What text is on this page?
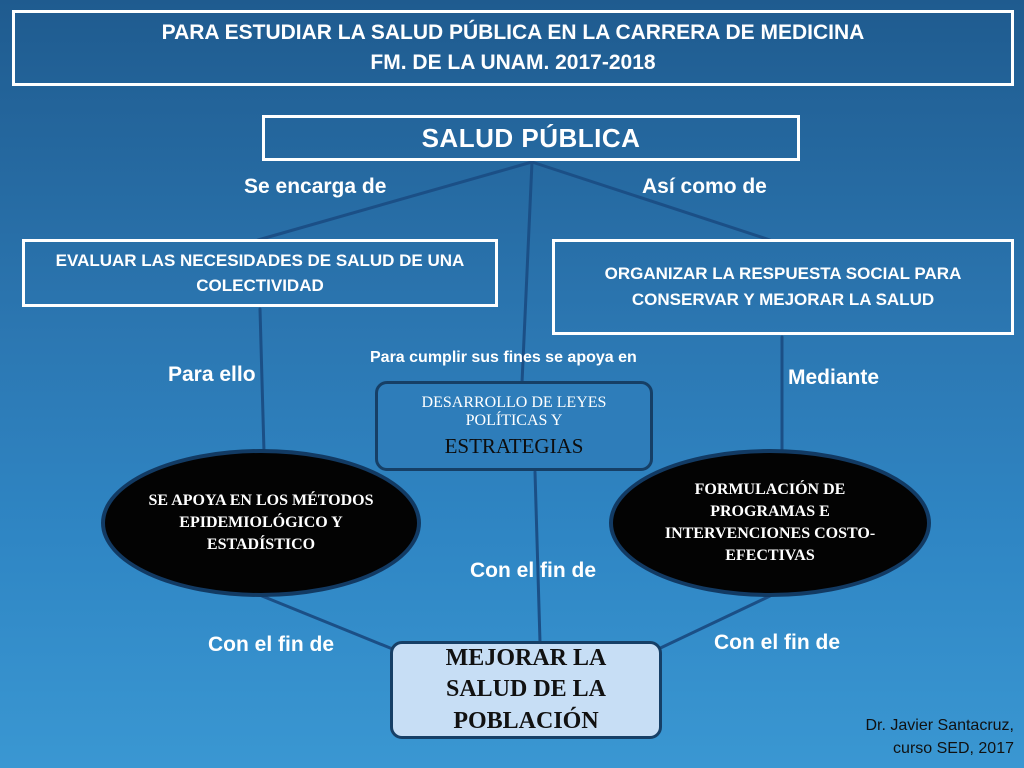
PARA ESTUDIAR LA SALUD PÚBLICA EN LA CARRERA DE MEDICINA
FM. DE LA UNAM. 2017-2018
SALUD PÚBLICA
Se encarga de	Así como de
EVALUAR LAS NECESIDADES DE SALUD DE UNA COLECTIVIDAD
ORGANIZAR LA RESPUESTA SOCIAL PARA CONSERVAR Y MEJORAR LA SALUD
Para cumplir sus fines se apoya en
Para ello	Mediante
DESARROLLO DE LEYES
POLÍTICAS Y
ESTRATEGIAS
SE APOYA EN LOS MÉTODOS EPIDEMIOLÓGICO Y ESTADÍSTICO
FORMULACIÓN DE PROGRAMAS E INTERVENCIONES COSTO-EFECTIVAS
Con el fin de
Con el fin de	Con el fin de
MEJORAR LA SALUD DE LA POBLACIÓN	Dr. Javier Santacruz,
curso SED, 2017
